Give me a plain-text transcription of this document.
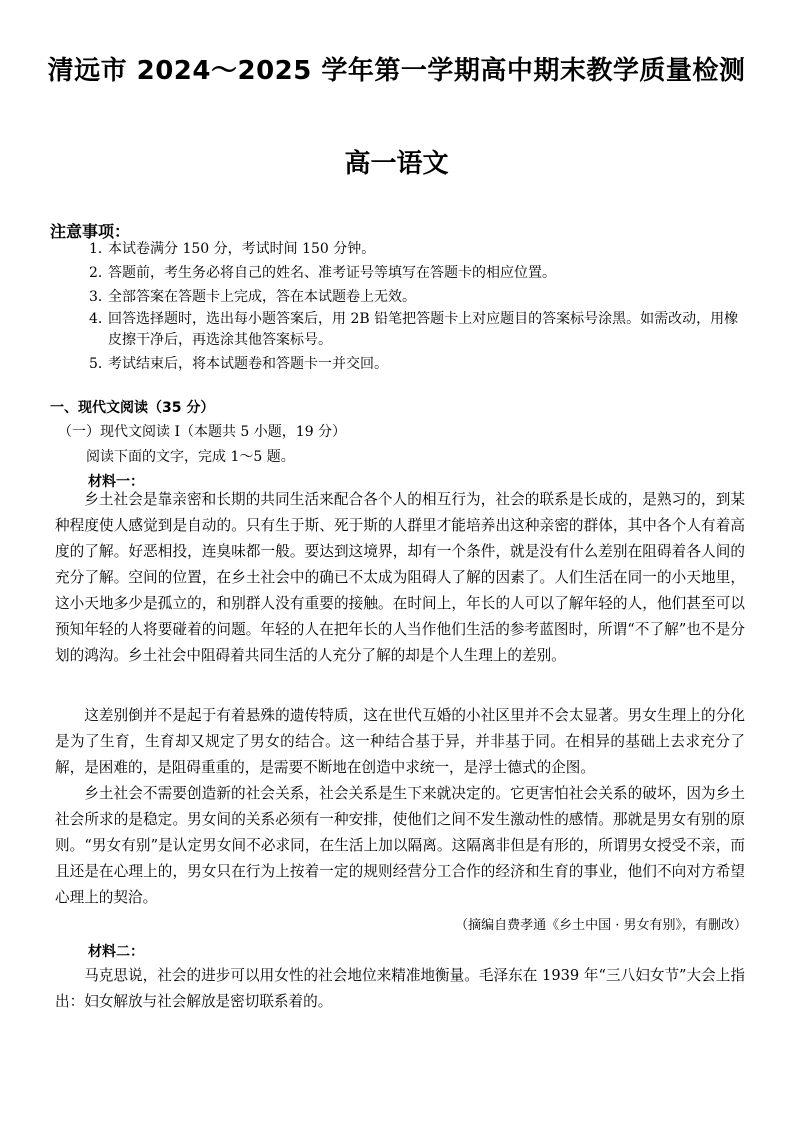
清远市 2024～2025 学年第一学期高中期末教学质量检测
高一语文
注意事项：
1．
本试卷满分 150 分，考试时间 150 分钟。
2．
答题前，考生务必将自己的姓名、准考证号等填写在答题卡的相应位置。
3．
全部答案在答题卡上完成，答在本试题卷上无效。
4．
回答选择题时，选出每小题答案后，用 2B 铅笔把答题卡上对应题目的答案标号涂黑。如需改动，用橡皮擦干净后，再选涂其他答案标号。
5．
考试结束后，将本试题卷和答题卡一并交回。
一、现代文阅读（35 分）
（一）现代文阅读 I（本题共 5 小题，19 分）
阅读下面的文字，完成 1～5 题。
材料一：

乡土社会是靠亲密和长期的共同生活来配合各个人的相互行为，社会的联系是长成的，是熟习的，到某种程度使人感觉到是自动的。只有生于斯、死于斯的人群里才能培养出这种亲密的群体，其中各个人有着高度的了解。好恶相投，连臭味都一般。要达到这境界，却有一个条件，就是没有什么差别在阻碍着各人间的充分了解。空间的位置，在乡土社会中的确已不太成为阻碍人了解的因素了。人们生活在同一的小天地里，这小天地多少是孤立的，和别群人没有重要的接触。在时间上，年长的人可以了解年轻的人，他们甚至可以预知年轻的人将要碰着的问题。年轻的人在把年长的人当作他们生活的参考蓝图时，所谓“不了解”也不是分划的鸿沟。乡土社会中阻碍着共同生活的人充分了解的却是个人生理上的差别。

这差别倒并不是起于有着悬殊的遗传特质，这在世代互婚的小社区里并不会太显著。男女生理上的分化是为了生育，生育却又规定了男女的结合。这一种结合基于异，并非基于同。在相异的基础上去求充分了解，是困难的，是阻碍重重的，是需要不断地在创造中求统一，是浮士德式的企图。

乡土社会不需要创造新的社会关系，社会关系是生下来就决定的。它更害怕社会关系的破坏，因为乡土社会所求的是稳定。男女间的关系必须有一种安排，使他们之间不发生激动性的感情。那就是男女有别的原则。“男女有别”是认定男女间不必求同，在生活上加以隔离。这隔离非但是有形的，所谓男女授受不亲，而且还是在心理上的，男女只在行为上按着一定的规则经营分工合作的经济和生育的事业，他们不向对方希望心理上的契洽。

（摘编自费孝通《乡土中国 · 男女有别》，有删改）
材料二：

马克思说，社会的进步可以用女性的社会地位来精准地衡量。毛泽东在 1939 年“三八妇女节”大会上指出：妇女解放与社会解放是密切联系着的。
